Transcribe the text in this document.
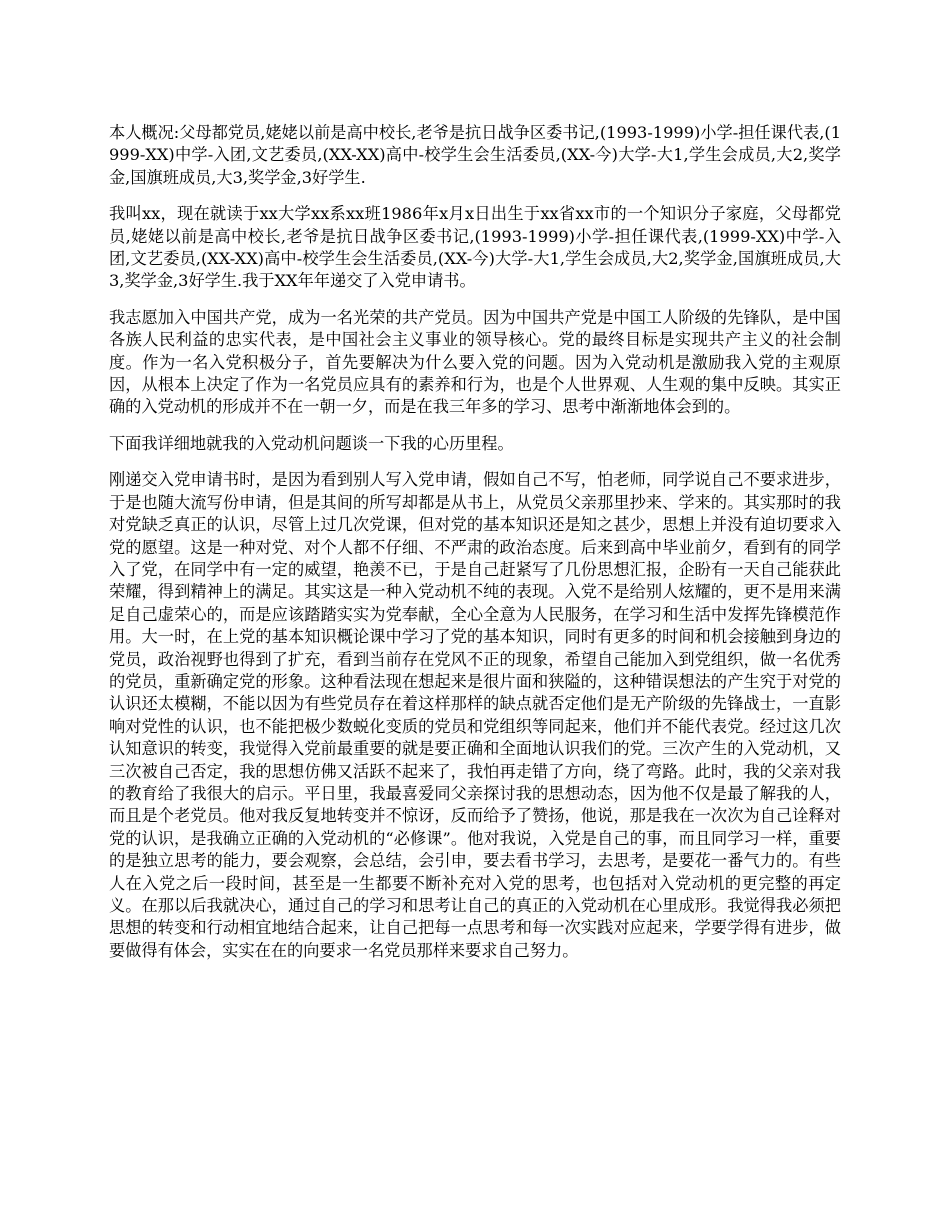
本人概况:父母都党员,姥姥以前是高中校长,老爷是抗日战争区委书记,(1993-1999)小学-担任课代表,(1999-XX)中学-入团,文艺委员,(XX-XX)高中-校学生会生活委员,(XX-今)大学-大1,学生会成员,大2,奖学金,国旗班成员,大3,奖学金,3好学生.

我叫xx，现在就读于xx大学xx系xx班1986年x月x日出生于xx省xx市的一个知识分子家庭，父母都党员,姥姥以前是高中校长,老爷是抗日战争区委书记,(1993-1999)小学-担任课代表,(1999-XX)中学-入团,文艺委员,(XX-XX)高中-校学生会生活委员,(XX-今)大学-大1,学生会成员,大2,奖学金,国旗班成员,大3,奖学金,3好学生.我于XX年年递交了入党申请书。

我志愿加入中国共产党，成为一名光荣的共产党员。因为中国共产党是中国工人阶级的先锋队，是中国各族人民利益的忠实代表，是中国社会主义事业的领导核心。党的最终目标是实现共产主义的社会制度。作为一名入党积极分子，首先要解决为什么要入党的问题。因为入党动机是激励我入党的主观原因，从根本上决定了作为一名党员应具有的素养和行为，也是个人世界观、人生观的集中反映。其实正确的入党动机的形成并不在一朝一夕，而是在我三年多的学习、思考中渐渐地体会到的。

下面我详细地就我的入党动机问题谈一下我的心历里程。

刚递交入党申请书时，是因为看到别人写入党申请，假如自己不写，怕老师，同学说自己不要求进步，于是也随大流写份申请，但是其间的所写却都是从书上，从党员父亲那里抄来、学来的。其实那时的我对党缺乏真正的认识，尽管上过几次党课，但对党的基本知识还是知之甚少，思想上并没有迫切要求入党的愿望。这是一种对党、对个人都不仔细、不严肃的政治态度。后来到高中毕业前夕，看到有的同学入了党，在同学中有一定的威望，艳羡不已，于是自己赶紧写了几份思想汇报，企盼有一天自己能获此荣耀，得到精神上的满足。其实这是一种入党动机不纯的表现。入党不是给别人炫耀的，更不是用来满足自己虚荣心的，而是应该踏踏实实为党奉献，全心全意为人民服务，在学习和生活中发挥先锋模范作用。大一时，在上党的基本知识概论课中学习了党的基本知识，同时有更多的时间和机会接触到身边的党员，政治视野也得到了扩充，看到当前存在党风不正的现象，希望自己能加入到党组织，做一名优秀的党员，重新确定党的形象。这种看法现在想起来是很片面和狭隘的，这种错误想法的产生究于对党的认识还太模糊，不能以因为有些党员存在着这样那样的缺点就否定他们是无产阶级的先锋战士，一直影响对党性的认识，也不能把极少数蜕化变质的党员和党组织等同起来，他们并不能代表党。经过这几次认知意识的转变，我觉得入党前最重要的就是要正确和全面地认识我们的党。三次产生的入党动机，又三次被自己否定，我的思想仿佛又活跃不起来了，我怕再走错了方向，绕了弯路。此时，我的父亲对我的教育给了我很大的启示。平日里，我最喜爱同父亲探讨我的思想动态，因为他不仅是最了解我的人，而且是个老党员。他对我反复地转变并不惊讶，反而给予了赞扬，他说，那是我在一次次为自己诠释对党的认识，是我确立正确的入党动机的“必修课”。他对我说，入党是自己的事，而且同学习一样，重要的是独立思考的能力，要会观察，会总结，会引申，要去看书学习，去思考，是要花一番气力的。有些人在入党之后一段时间，甚至是一生都要不断补充对入党的思考，也包括对入党动机的更完整的再定义。在那以后我就决心，通过自己的学习和思考让自己的真正的入党动机在心里成形。我觉得我必须把思想的转变和行动相宜地结合起来，让自己把每一点思考和每一次实践对应起来，学要学得有进步，做要做得有体会，实实在在的向要求一名党员那样来要求自己努力。
